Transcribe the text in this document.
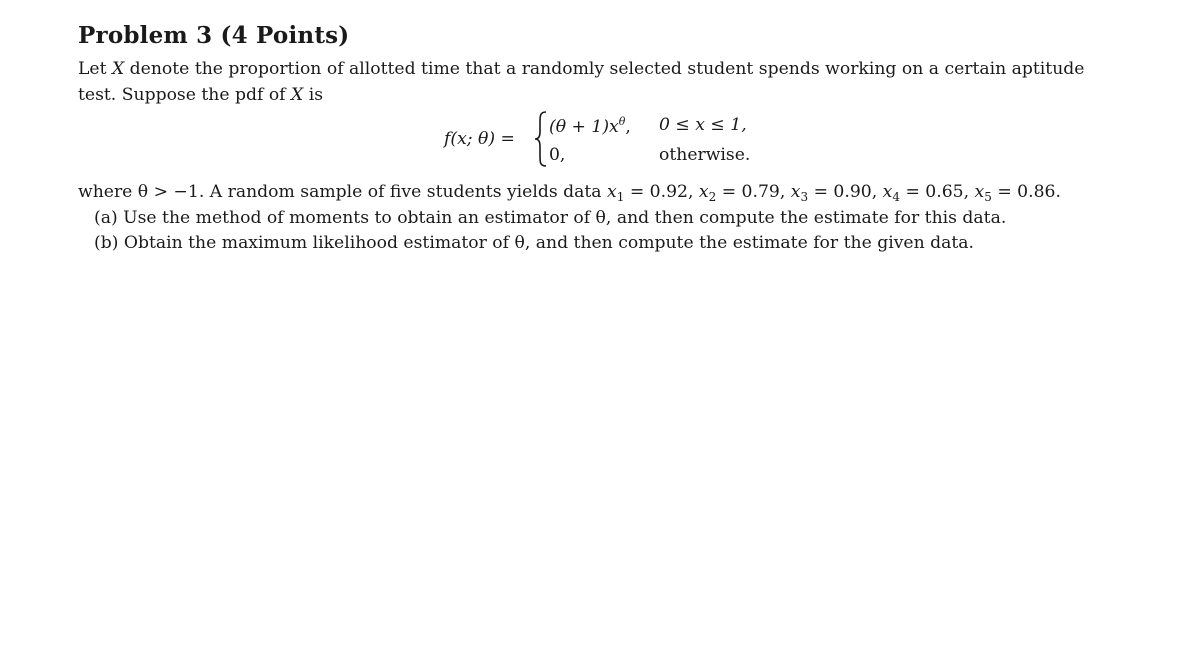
Problem 3 (4 Points)
Let X denote the proportion of allotted time that a randomly selected student spends working on a certain aptitude
test. Suppose the pdf of X is
f(x; θ) =
$(\theta + 1)x^\theta$, 0 ≤ x ≤ 1,
0,	otherwise.
where θ > −1. A random sample of five students yields data $x_1 = 0.92$, $x_2 = 0.79$, $x_3 = 0.90$, $x_4 = 0.65$, $x_5 = 0.86$.
(a) Use the method of moments to obtain an estimator of θ, and then compute the estimate for this data.
(b) Obtain the maximum likelihood estimator of θ, and then compute the estimate for the given data.
